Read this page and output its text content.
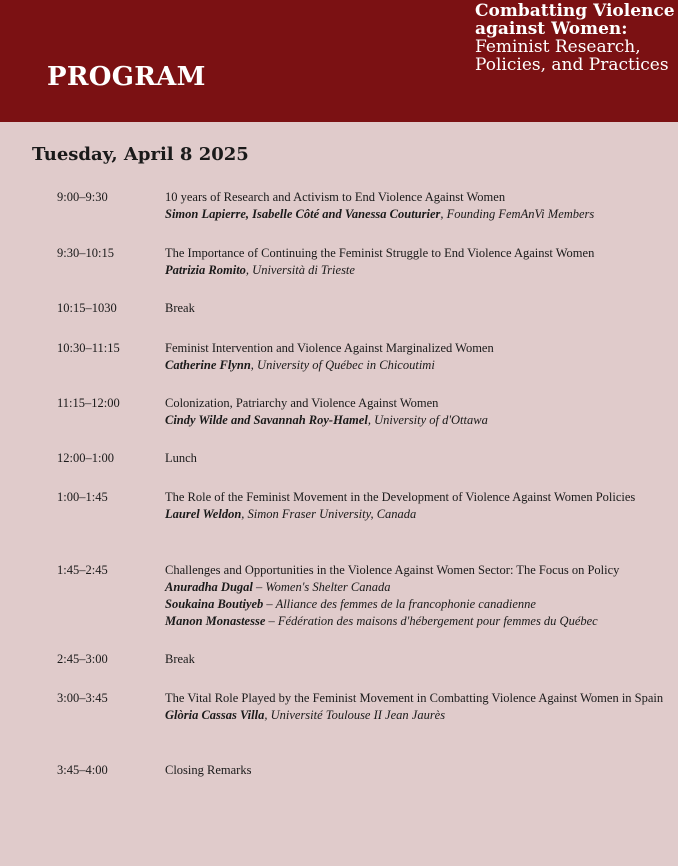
PROGRAM
Combatting Violence against Women: Feminist Research, Policies, and Practices
Tuesday, April 8 2025
9:00–9:30	10 years of Research and Activism to End Violence Against Women
Simon Lapierre, Isabelle Côté and Vanessa Couturier, Founding FemAnVi Members
9:30–10:15	The Importance of Continuing the Feminist Struggle to End Violence Against Women
Patrizia Romito, Università di Trieste
10:15–1030	Break
10:30–11:15	Feminist Intervention and Violence Against Marginalized Women
Catherine Flynn, University of Québec in Chicoutimi
11:15–12:00	Colonization, Patriarchy and Violence Against Women
Cindy Wilde and Savannah Roy-Hamel, University of d'Ottawa
12:00–1:00	Lunch
1:00–1:45	The Role of the Feminist Movement in the Development of Violence Against Women Policies
Laurel Weldon, Simon Fraser University, Canada
1:45–2:45	Challenges and Opportunities in the Violence Against Women Sector: The Focus on Policy
Anuradha Dugal – Women's Shelter Canada
Soukaina Boutiyeb – Alliance des femmes de la francophonie canadienne
Manon Monastesse – Fédération des maisons d'hébergement pour femmes du Québec
2:45–3:00	Break
3:00–3:45	The Vital Role Played by the Feminist Movement in Combatting Violence Against Women in Spain
Glòria Cassas Villa, Université Toulouse II Jean Jaurès
3:45–4:00	Closing Remarks
